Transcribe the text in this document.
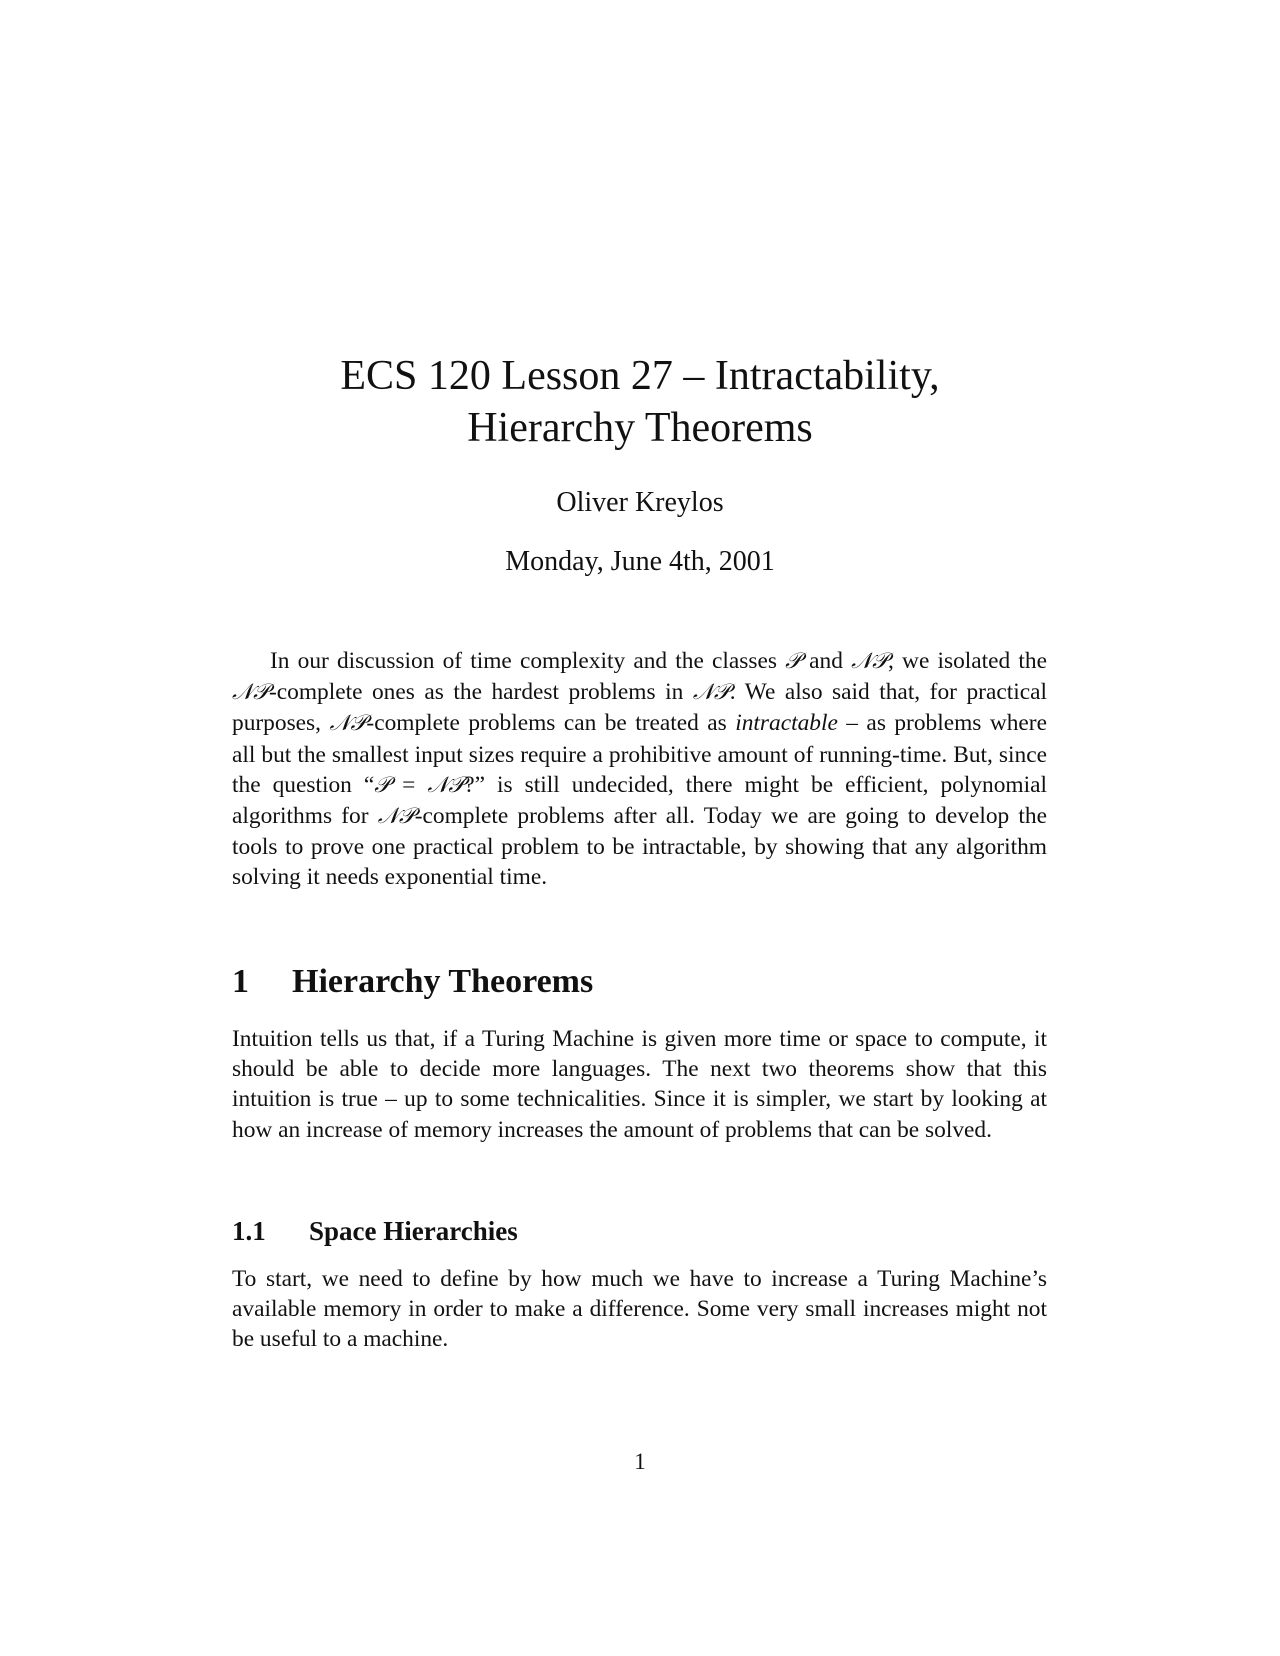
ECS 120 Lesson 27 – Intractability,
Hierarchy Theorems
Oliver Kreylos
Monday, June 4th, 2001

In our discussion of time complexity and the classes 𝒫 and 𝒩𝒫, we isolated the 𝒩𝒫-complete ones as the hardest problems in 𝒩𝒫. We also said that, for practical purposes, 𝒩𝒫-complete problems can be treated as intractable – as problems where all but the smallest input sizes require a prohibitive amount of running-time. But, since the question “𝒫 = 𝒩𝒫?” is still undecided, there might be efficient, polynomial algorithms for 𝒩𝒫-complete problems after all. Today we are going to develop the tools to prove one practical problem to be intractable, by showing that any algorithm solving it needs exponential time.

1 Hierarchy Theorems

Intuition tells us that, if a Turing Machine is given more time or space to compute, it should be able to decide more languages. The next two theorems show that this intuition is true – up to some technicalities. Since it is simpler, we start by looking at how an increase of memory increases the amount of problems that can be solved.

1.1 Space Hierarchies

To start, we need to define by how much we have to increase a Turing Machine’s available memory in order to make a difference. Some very small increases might not be useful to a machine.

1
